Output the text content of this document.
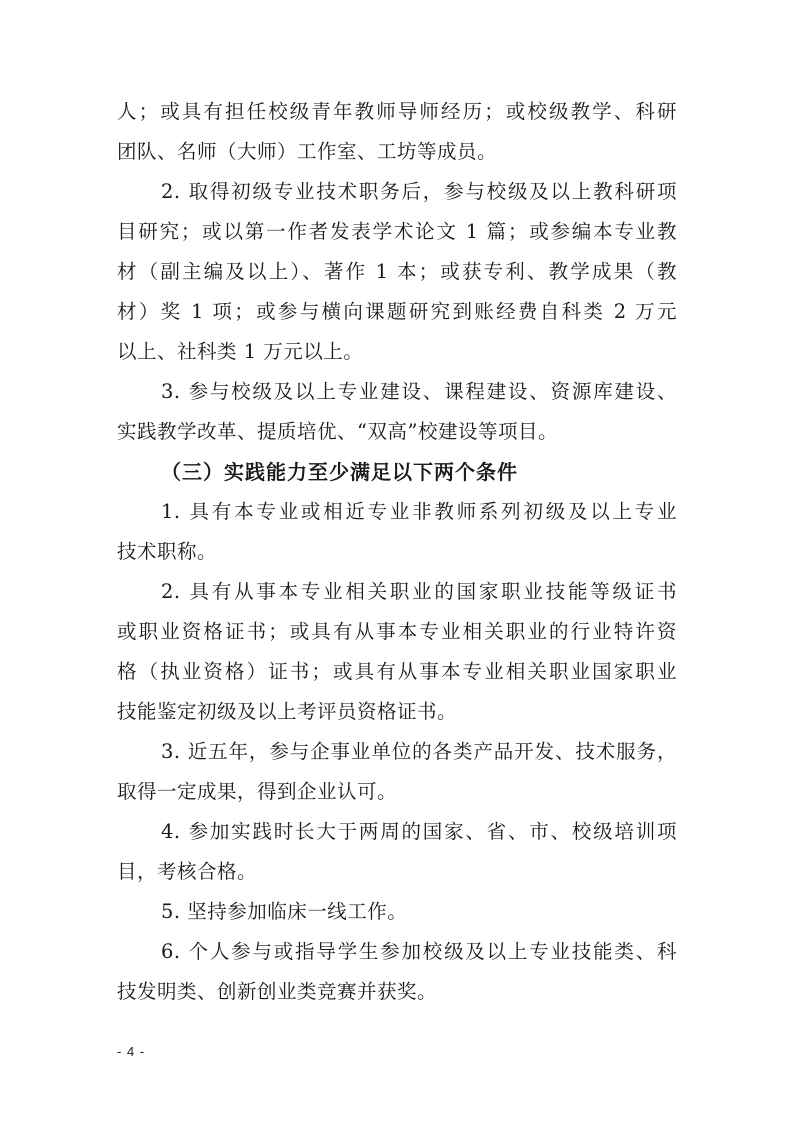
人；或具有担任校级青年教师导师经历；或校级教学、科研
团队、名师（大师）工作室、工坊等成员。
2. 取得初级专业技术职务后，参与校级及以上教科研项
目研究；或以第一作者发表学术论文 1 篇；或参编本专业教
材（副主编及以上）、著作 1 本；或获专利、教学成果（教
材）奖 1 项；或参与横向课题研究到账经费自科类 2 万元
以上、社科类 1 万元以上。
3. 参与校级及以上专业建设、课程建设、资源库建设、
实践教学改革、提质培优、“双高”校建设等项目。
（三）实践能力至少满足以下两个条件
1. 具有本专业或相近专业非教师系列初级及以上专业
技术职称。
2. 具有从事本专业相关职业的国家职业技能等级证书
或职业资格证书；或具有从事本专业相关职业的行业特许资
格（执业资格）证书；或具有从事本专业相关职业国家职业
技能鉴定初级及以上考评员资格证书。
3. 近五年，参与企事业单位的各类产品开发、技术服务，
取得一定成果，得到企业认可。
4. 参加实践时长大于两周的国家、省、市、校级培训项
目，考核合格。
5. 坚持参加临床一线工作。
6. 个人参与或指导学生参加校级及以上专业技能类、科
技发明类、创新创业类竞赛并获奖。
- 4 -
